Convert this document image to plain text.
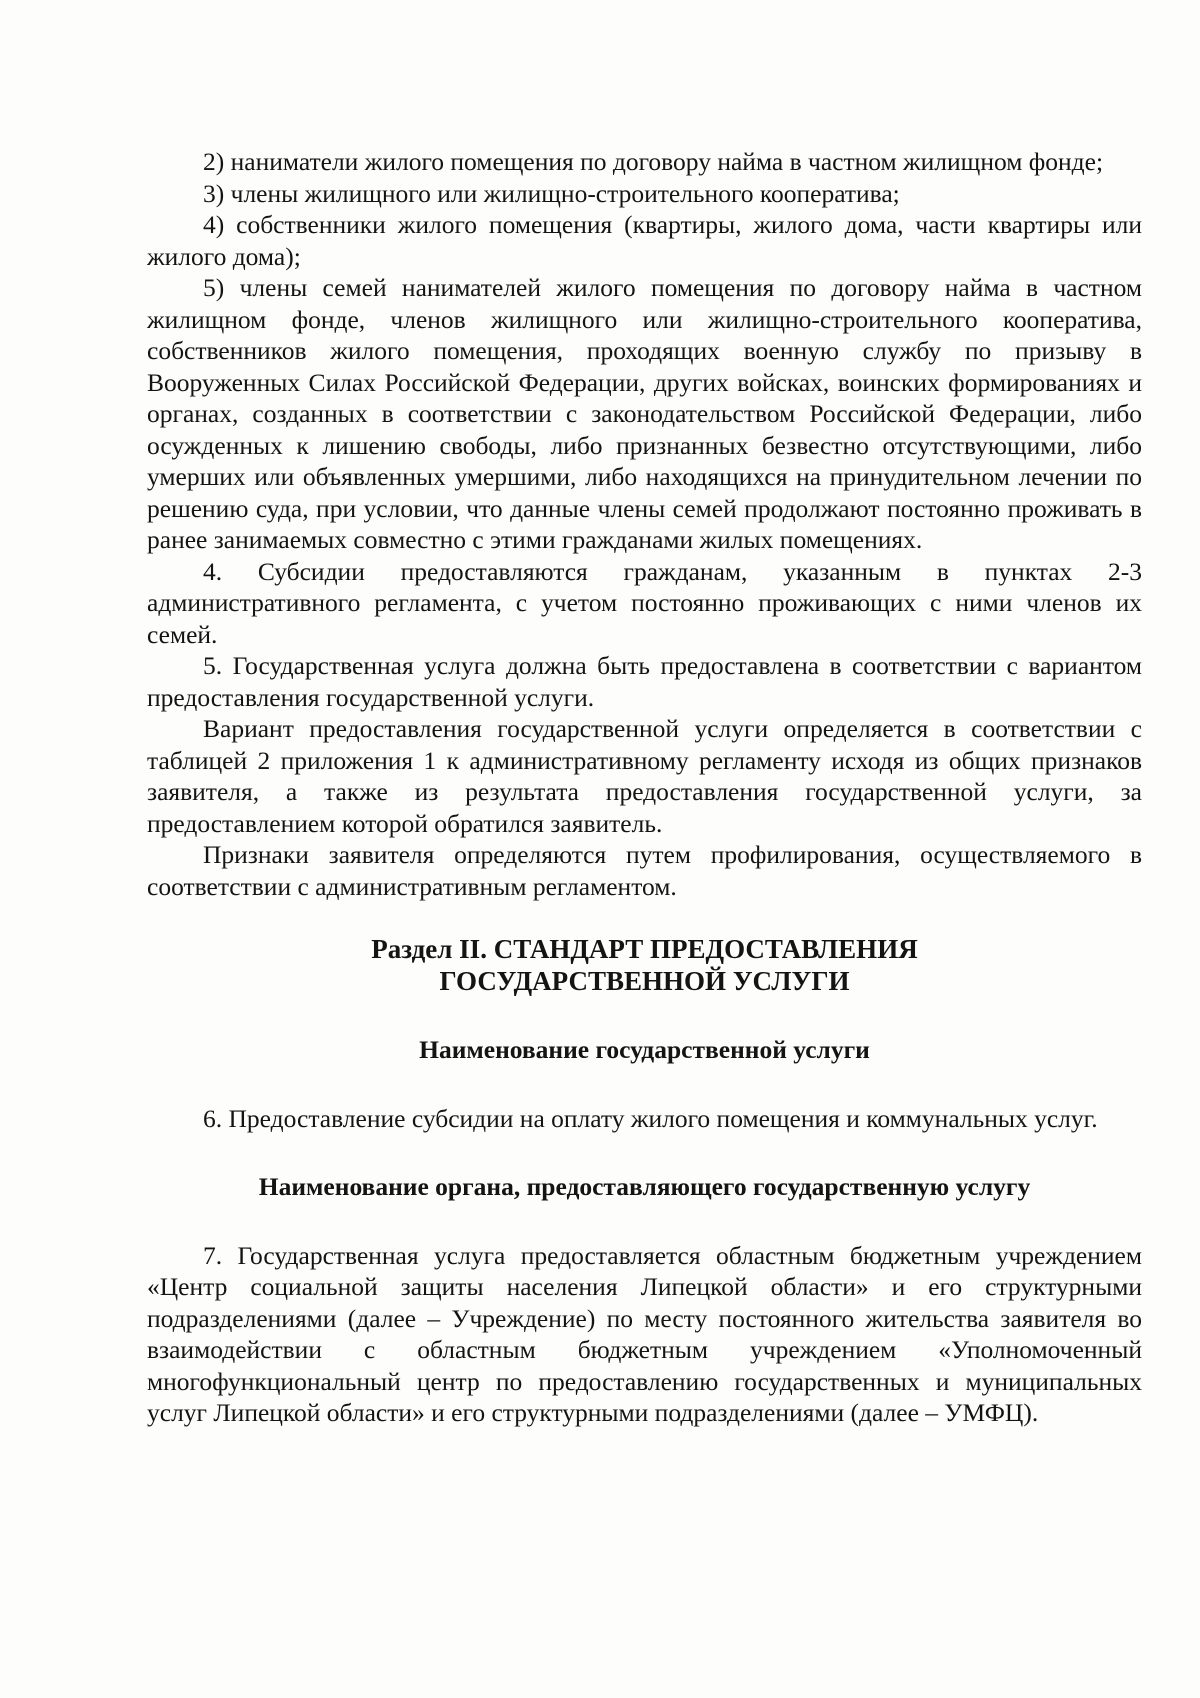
2) наниматели жилого помещения по договору найма в частном жилищном фонде;

3) члены жилищного или жилищно-строительного кооператива;

4) собственники жилого помещения (квартиры, жилого дома, части квартиры или жилого дома);

5) члены семей нанимателей жилого помещения по договору найма в частном жилищном фонде, членов жилищного или жилищно-строительного кооператива, собственников жилого помещения, проходящих военную службу по призыву в Вооруженных Силах Российской Федерации, других войсках, воинских формированиях и органах, созданных в соответствии с законодательством Российской Федерации, либо осужденных к лишению свободы, либо признанных безвестно отсутствующими, либо умерших или объявленных умершими, либо находящихся на принудительном лечении по решению суда, при условии, что данные члены семей продолжают постоянно проживать в ранее занимаемых совместно с этими гражданами жилых помещениях.

4. Субсидии предоставляются гражданам, указанным в пунктах 2-3 административного регламента, с учетом постоянно проживающих с ними членов их семей.

5. Государственная услуга должна быть предоставлена в соответствии с вариантом предоставления государственной услуги.

Вариант предоставления государственной услуги определяется в соответствии с таблицей 2 приложения 1 к административному регламенту исходя из общих признаков заявителя, а также из результата предоставления государственной услуги, за предоставлением которой обратился заявитель.

Признаки заявителя определяются путем профилирования, осуществляемого в соответствии с административным регламентом.

Раздел II. СТАНДАРТ ПРЕДОСТАВЛЕНИЯ
ГОСУДАРСТВЕННОЙ УСЛУГИ

Наименование государственной услуги

6. Предоставление субсидии на оплату жилого помещения и коммунальных услуг.

Наименование органа, предоставляющего государственную услугу

7. Государственная услуга предоставляется областным бюджетным учреждением «Центр социальной защиты населения Липецкой области» и его структурными подразделениями (далее – Учреждение) по месту постоянного жительства заявителя во взаимодействии с областным бюджетным учреждением «Уполномоченный многофункциональный центр по предоставлению государственных и муниципальных услуг Липецкой области» и его структурными подразделениями (далее – УМФЦ).
